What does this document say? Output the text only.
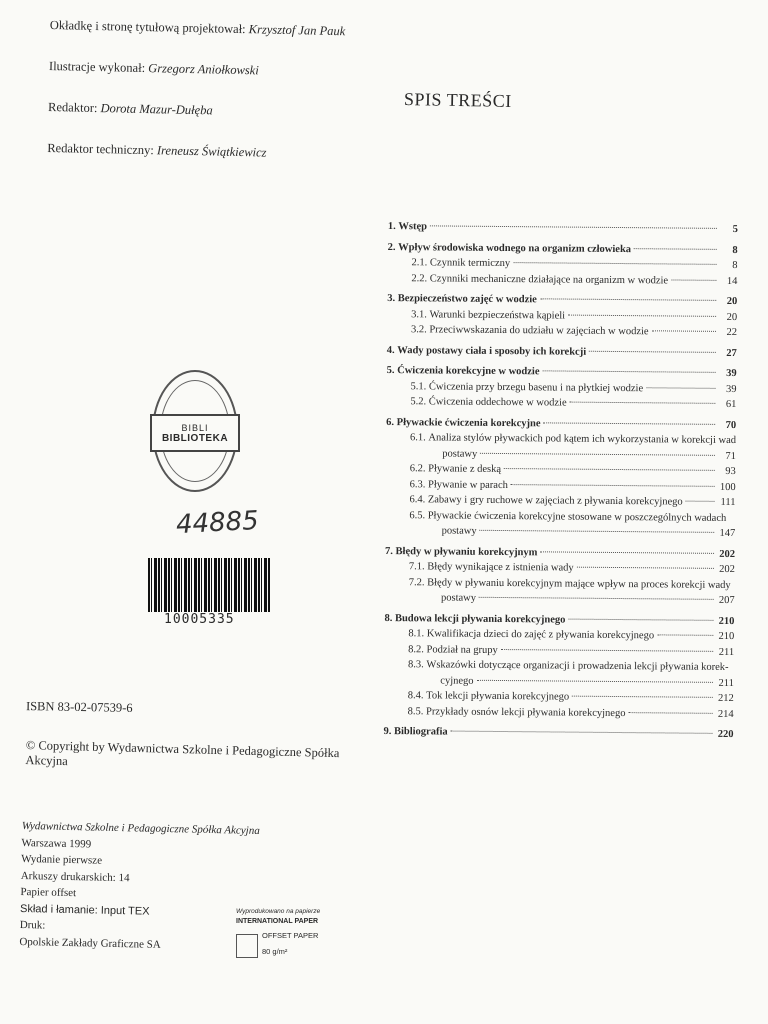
Okładkę i stronę tytułową projektował: Krzysztof Jan Pauk
Ilustracje wykonał: Grzegorz Aniołkowski
Redaktor: Dorota Mazur-Dułęba
Redaktor techniczny: Ireneusz Świątkiewicz
BIBLI
BIBLIOTEKA
44885
10005335
ISBN 83-02-07539-6
© Copyright by Wydawnictwa Szkolne i Pedagogiczne Spółka Akcyjna
Wydawnictwa Szkolne i Pedagogiczne Spółka Akcyjna
Warszawa 1999
Wydanie pierwsze
Arkuszy drukarskich: 14
Papier offset
Skład i łamanie: Input TEX
Druk:
Opolskie Zakłady Graficzne SA
Wyprodukowano na papierze
INTERNATIONAL PAPER
OFFSET PAPER
80 g/m²
SPIS TREŚCI
1. Wstęp	5
2. Wpływ środowiska wodnego na organizm człowieka	8
2.1. Czynnik termiczny	8
2.2. Czynniki mechaniczne działające na organizm w wodzie	14
3. Bezpieczeństwo zajęć w wodzie	20
3.1. Warunki bezpieczeństwa kąpieli	20
3.2. Przeciwwskazania do udziału w zajęciach w wodzie	22
4. Wady postawy ciała i sposoby ich korekcji	27
5. Ćwiczenia korekcyjne w wodzie	39
5.1. Ćwiczenia przy brzegu basenu i na płytkiej wodzie	39
5.2. Ćwiczenia oddechowe w wodzie	61
6. Pływackie ćwiczenia korekcyjne	70
6.1. Analiza stylów pływackich pod kątem ich wykorzystania w korekcji wad
postawy	71
6.2. Pływanie z deską	93
6.3. Pływanie w parach	100
6.4. Zabawy i gry ruchowe w zajęciach z pływania korekcyjnego	111
6.5. Pływackie ćwiczenia korekcyjne stosowane w poszczególnych wadach
postawy	147
7. Błędy w pływaniu korekcyjnym	202
7.1. Błędy wynikające z istnienia wady	202
7.2. Błędy w pływaniu korekcyjnym mające wpływ na proces korekcji wady
postawy	207
8. Budowa lekcji pływania korekcyjnego	210
8.1. Kwalifikacja dzieci do zajęć z pływania korekcyjnego	210
8.2. Podział na grupy	211
8.3. Wskazówki dotyczące organizacji i prowadzenia lekcji pływania korek-
cyjnego	211
8.4. Tok lekcji pływania korekcyjnego	212
8.5. Przykłady osnów lekcji pływania korekcyjnego	214
9. Bibliografia	220
